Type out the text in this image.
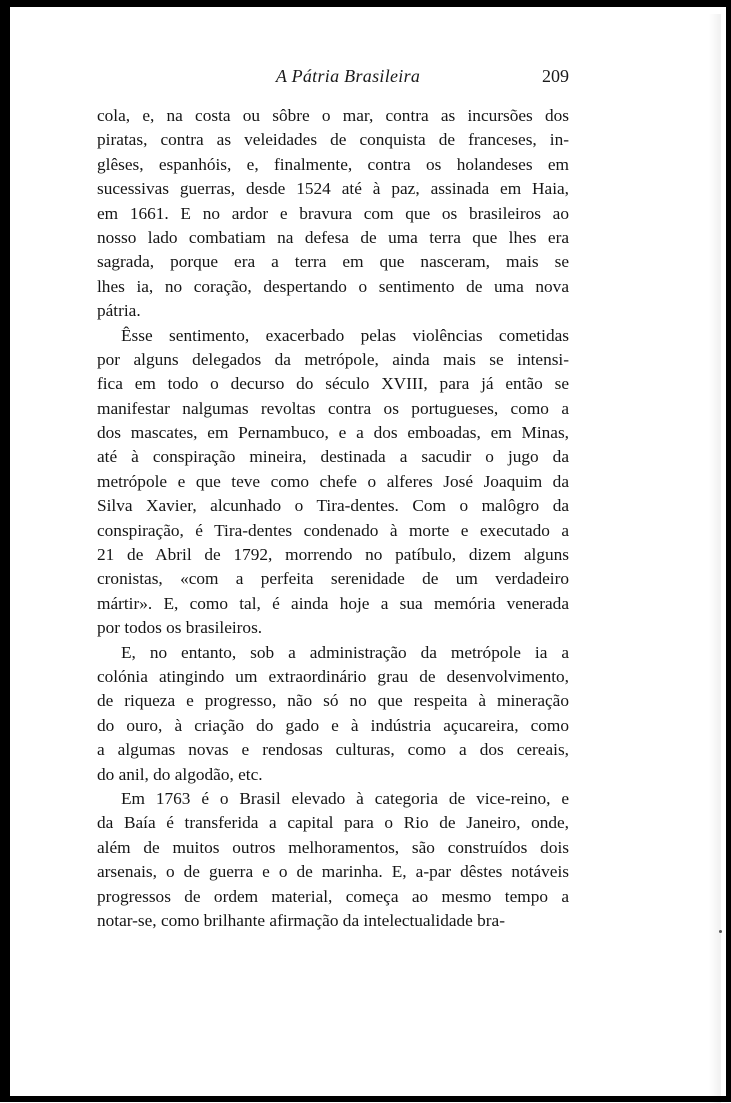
A Pátria Brasileira	209
cola, e, na costa ou sôbre o mar, contra as incursões dos
piratas, contra as veleidades de conquista de franceses, in-
glêses, espanhóis, e, finalmente, contra os holandeses em
sucessivas guerras, desde 1524 até à paz, assinada em Haia,
em 1661. E no ardor e bravura com que os brasileiros ao
nosso lado combatiam na defesa de uma terra que lhes era
sagrada, porque era a terra em que nasceram, mais se
lhes ia, no coração, despertando o sentimento de uma nova
pátria.
Êsse sentimento, exacerbado pelas violências cometidas
por alguns delegados da metrópole, ainda mais se intensi-
fica em todo o decurso do século XVIII, para já então se
manifestar nalgumas revoltas contra os portugueses, como a
dos mascates, em Pernambuco, e a dos emboadas, em Minas,
até à conspiração mineira, destinada a sacudir o jugo da
metrópole e que teve como chefe o alferes José Joaquim da
Silva Xavier, alcunhado o Tira-dentes. Com o malôgro da
conspiração, é Tira-dentes condenado à morte e executado a
21 de Abril de 1792, morrendo no patíbulo, dizem alguns
cronistas, «com a perfeita serenidade de um verdadeiro
mártir». E, como tal, é ainda hoje a sua memória venerada
por todos os brasileiros.
E, no entanto, sob a administração da metrópole ia a
colónia atingindo um extraordinário grau de desenvolvimento,
de riqueza e progresso, não só no que respeita à mineração
do ouro, à criação do gado e à indústria açucareira, como
a algumas novas e rendosas culturas, como a dos cereais,
do anil, do algodão, etc.
Em 1763 é o Brasil elevado à categoria de vice-reino, e
da Baía é transferida a capital para o Rio de Janeiro, onde,
além de muitos outros melhoramentos, são construídos dois
arsenais, o de guerra e o de marinha. E, a-par dêstes notáveis
progressos de ordem material, começa ao mesmo tempo a
notar-se, como brilhante afirmação da intelectualidade bra-
